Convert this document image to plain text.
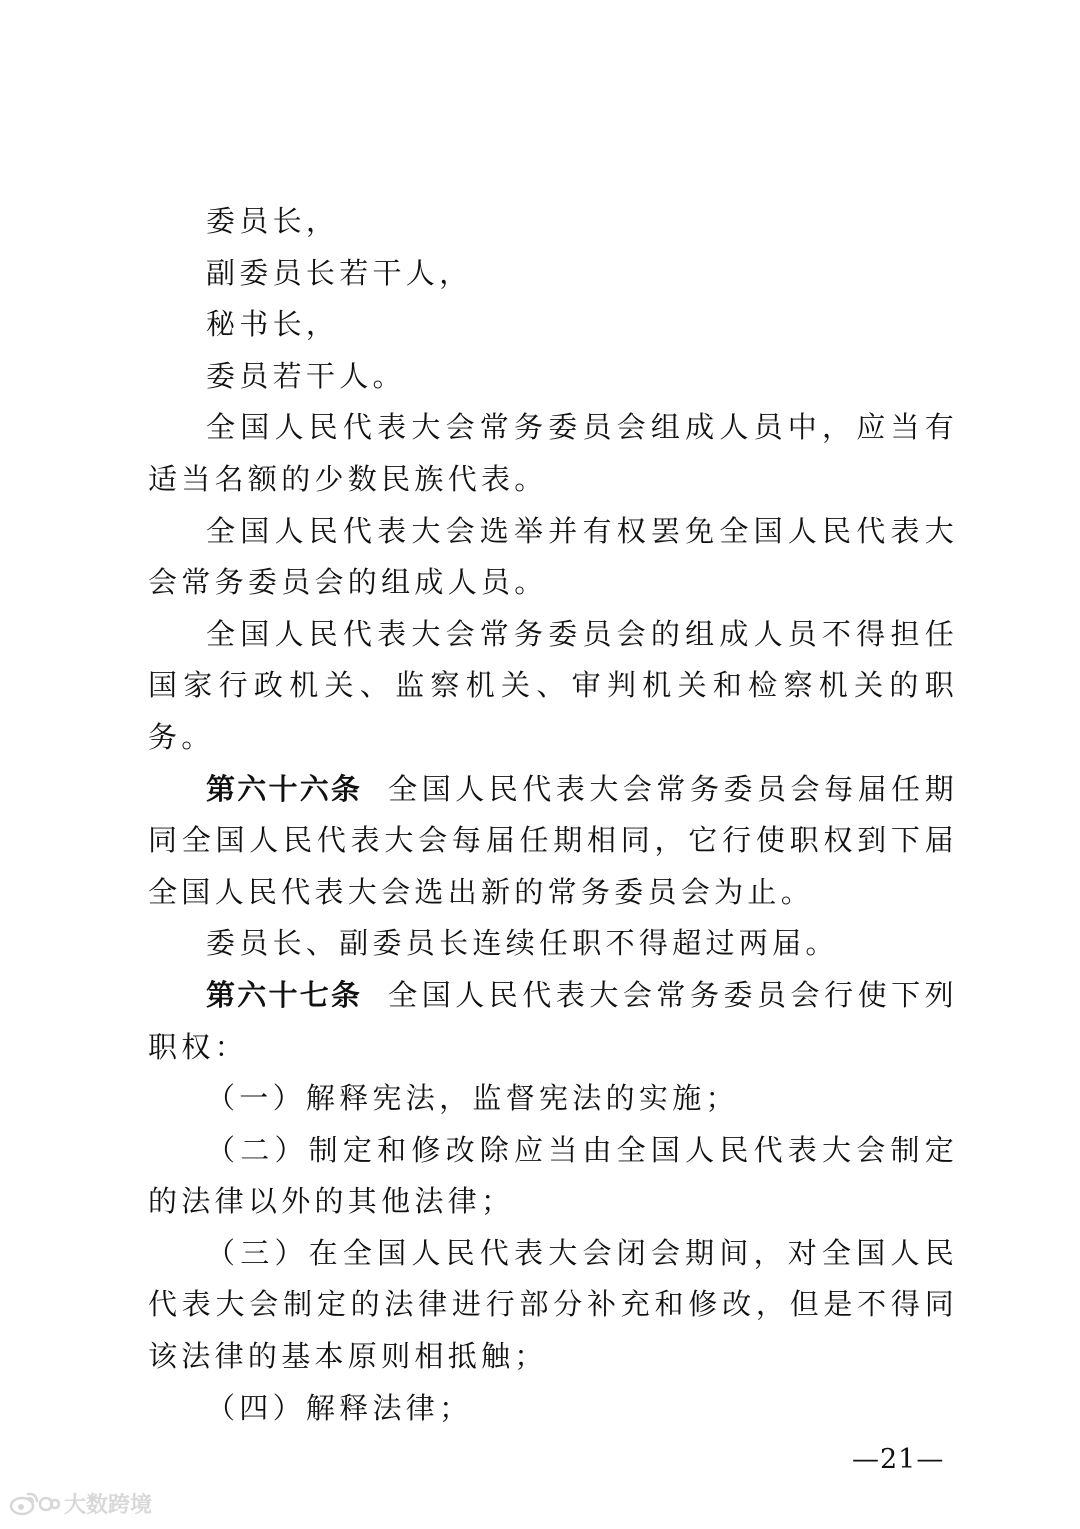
委员长，

副委员长若干人，

秘书长，

委员若干人。

全国人民代表大会常务委员会组成人员中，应当有适当名额的少数民族代表。

全国人民代表大会选举并有权罢免全国人民代表大会常务委员会的组成人员。

全国人民代表大会常务委员会的组成人员不得担任国家行政机关、监察机关、审判机关和检察机关的职务。

第六十六条 全国人民代表大会常务委员会每届任期同全国人民代表大会每届任期相同，它行使职权到下届全国人民代表大会选出新的常务委员会为止。

委员长、副委员长连续任职不得超过两届。

第六十七条 全国人民代表大会常务委员会行使下列职权：

（一）解释宪法，监督宪法的实施；

（二）制定和修改除应当由全国人民代表大会制定的法律以外的其他法律；

（三）在全国人民代表大会闭会期间，对全国人民代表大会制定的法律进行部分补充和修改，但是不得同该法律的基本原则相抵触；

（四）解释法律；

—21—
大数跨境
